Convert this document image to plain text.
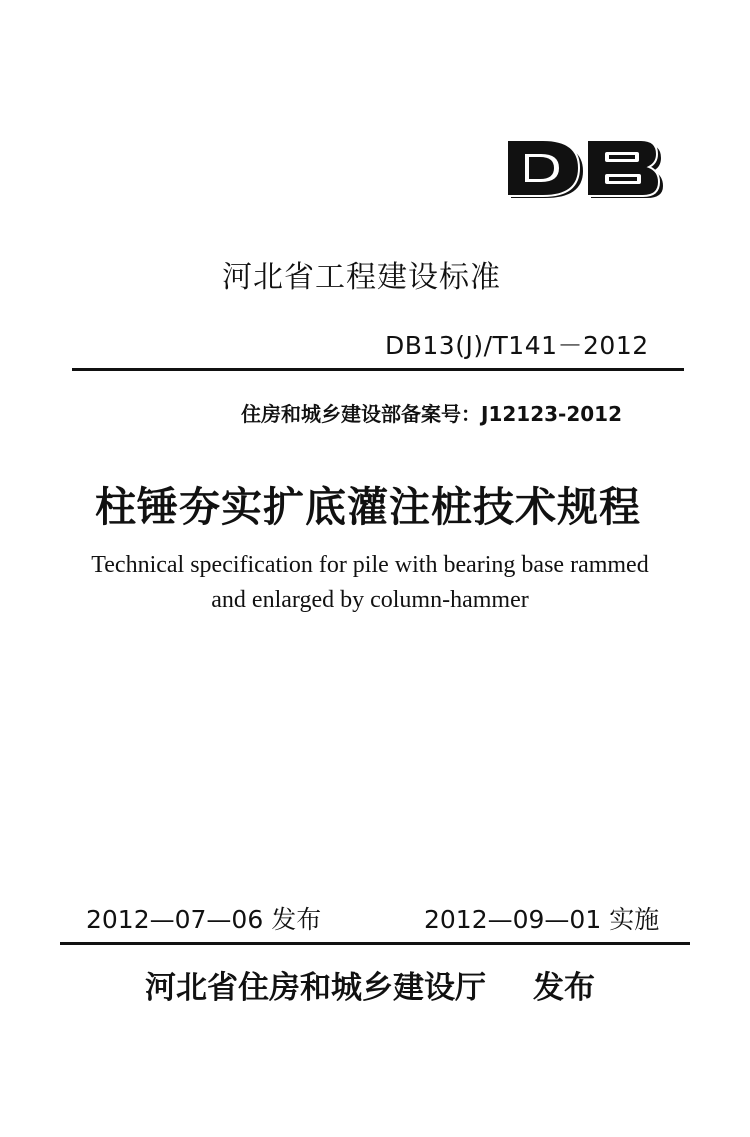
河北省工程建设标准
DB13(J)/T141－2012
住房和城乡建设部备案号：J12123-2012
柱锤夯实扩底灌注桩技术规程
Technical specification for pile with bearing base rammed
and enlarged by column-hammer
2012—07—06 发布	2012—09—01 实施
河北省住房和城乡建设厅 发布
